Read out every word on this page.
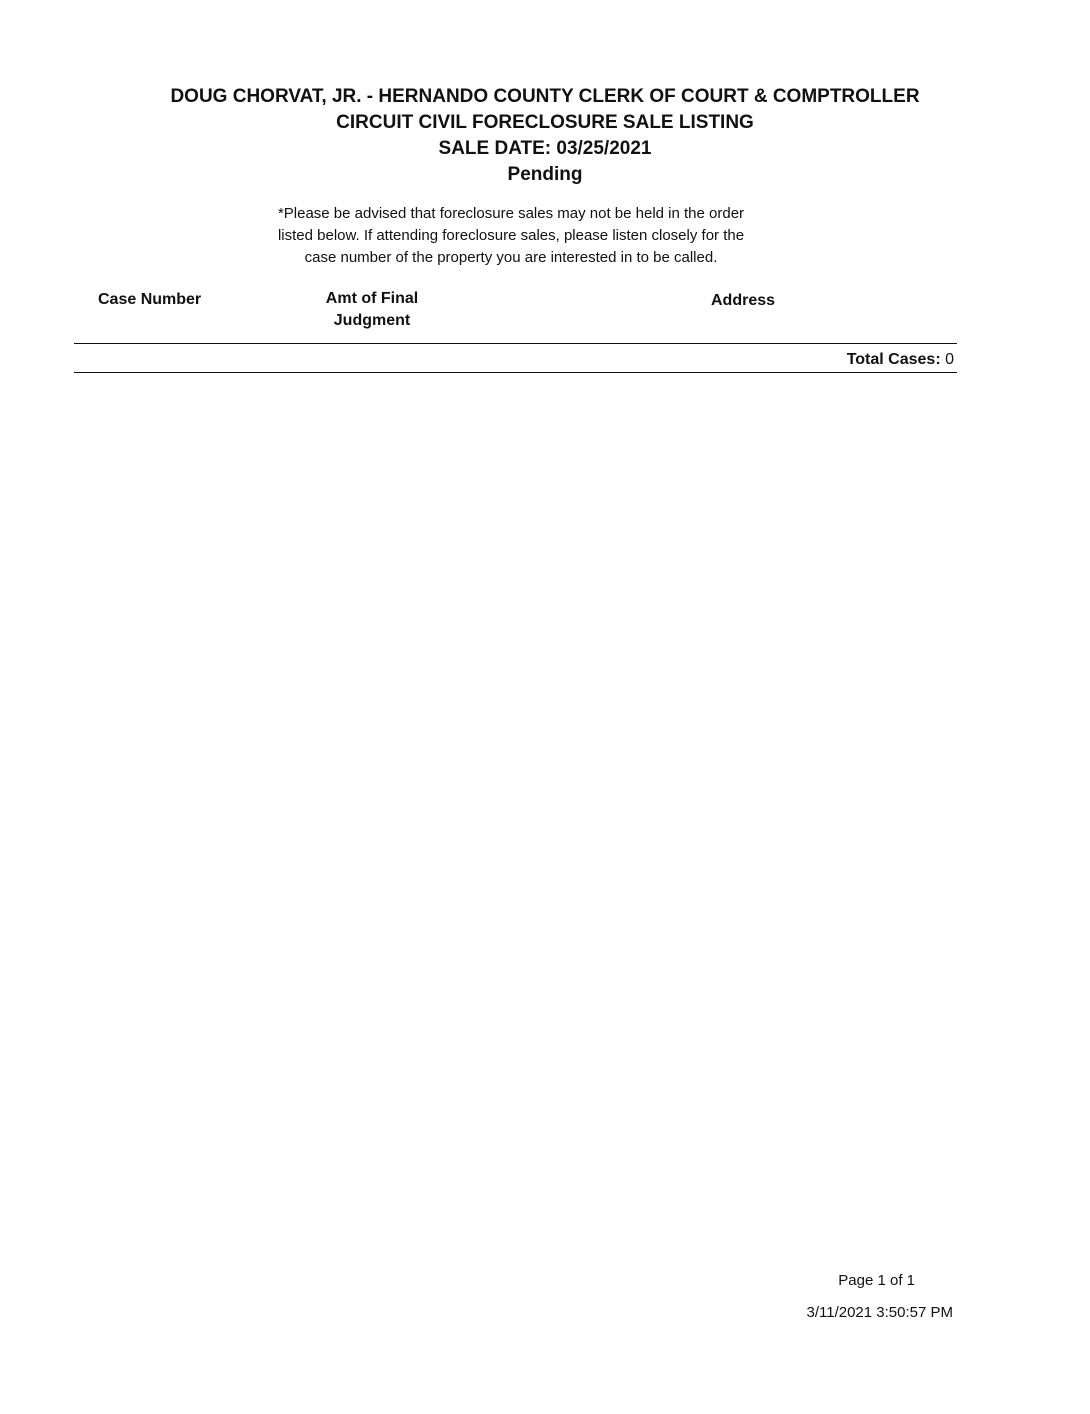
DOUG CHORVAT, JR. - HERNANDO COUNTY CLERK OF COURT & COMPTROLLER
CIRCUIT CIVIL FORECLOSURE SALE LISTING
SALE DATE: 03/25/2021
Pending
*Please be advised that foreclosure sales may not be held in the order
listed below. If attending foreclosure sales, please listen closely for the
case number of the property you are interested in to be called.
Case Number	Amt of Final
Judgment
Address
Total Cases: 0
Page 1 of 1
3/11/2021 3:50:57 PM
